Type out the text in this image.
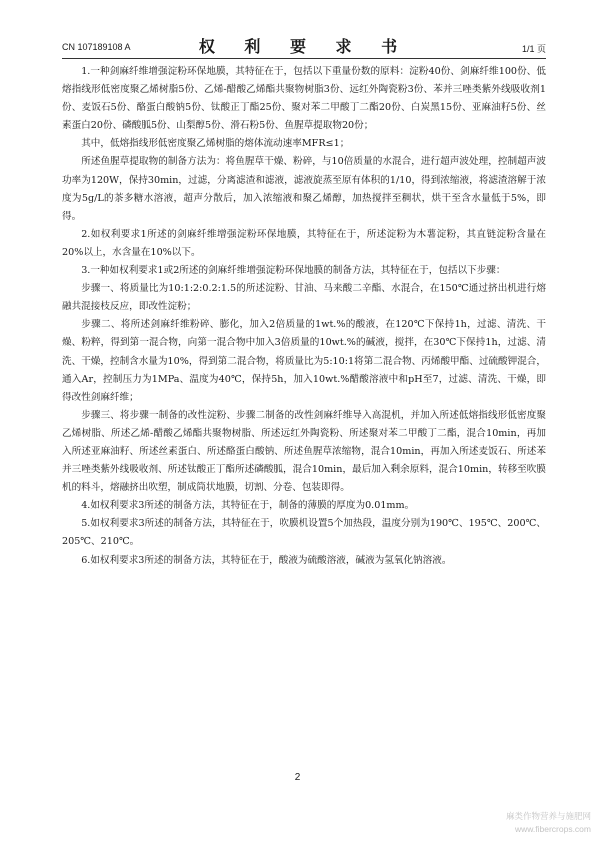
权 利 要 求 书
CN 107189108 A	1/1 页

1.一种剑麻纤维增强淀粉环保地膜，其特征在于，包括以下重量份数的原料：淀粉40份、剑麻纤维100份、低熔指线形低密度聚乙烯树脂5份、乙烯-醋酸乙烯酯共聚物树脂3份、远红外陶瓷粉3份、苯并三唑类紫外线吸收剂1份、麦饭石5份、酪蛋白酸钠5份、钛酸正丁酯25份、聚对苯二甲酸丁二酯20份、白炭黑15份、亚麻油籽5份、丝素蛋白20份、磷酸胍5份、山梨醇5份、滑石粉5份、鱼腥草提取物20份；

其中，低熔指线形低密度聚乙烯树脂的熔体流动速率MFR≤1；

所述鱼腥草提取物的制备方法为：将鱼腥草干燥、粉碎，与10倍质量的水混合，进行超声波处理，控制超声波功率为120W，保持30min，过滤，分离滤渣和滤液，滤液旋蒸至原有体积的1/10，得到浓缩液，将滤渣溶解于浓度为5g/L的茶多糖水溶液，超声分散后，加入浓缩液和聚乙烯醇，加热搅拌至稠状，烘干至含水量低于5%，即得。

2.如权利要求1所述的剑麻纤维增强淀粉环保地膜，其特征在于，所述淀粉为木薯淀粉，其直链淀粉含量在20%以上，水含量在10%以下。

3.一种如权利要求1或2所述的剑麻纤维增强淀粉环保地膜的制备方法，其特征在于，包括以下步骤：

步骤一、将质量比为10:1:2:0.2:1.5的所述淀粉、甘油、马来酸二辛酯、水混合，在150℃通过挤出机进行熔融共混接枝反应，即改性淀粉；

步骤二、将所述剑麻纤维粉碎、膨化，加入2倍质量的1wt.%的酸液，在120℃下保持1h，过滤、清洗、干燥、粉粹，得到第一混合物，向第一混合物中加入3倍质量的10wt.%的碱液，搅拌，在30℃下保持1h，过滤、清洗、干燥，控制含水量为10%，得到第二混合物，将质量比为5:10:1将第二混合物、丙烯酸甲酯、过硫酸钾混合，通入Ar，控制压力为1MPa、温度为40℃，保持5h，加入10wt.%醋酸溶液中和pH至7，过滤、清洗、干燥，即得改性剑麻纤维；

步骤三、将步骤一制备的改性淀粉、步骤二制备的改性剑麻纤维导入高混机，并加入所述低熔指线形低密度聚乙烯树脂、所述乙烯-醋酸乙烯酯共聚物树脂、所述远红外陶瓷粉、所述聚对苯二甲酸丁二酯，混合10min，再加入所述亚麻油籽、所述丝素蛋白、所述酪蛋白酸钠、所述鱼腥草浓缩物，混合10min，再加入所述麦饭石、所述苯并三唑类紫外线吸收剂、所述钛酸正丁酯所述磷酸胍，混合10min，最后加入剩余原料，混合10min，转移至吹膜机的料斗，熔融挤出吹塑，制成筒状地膜，切割、分卷、包装即得。

4.如权利要求3所述的制备方法，其特征在于，制备的薄膜的厚度为0.01mm。

5.如权利要求3所述的制备方法，其特征在于，吹膜机设置5个加热段，温度分别为190℃、195℃、200℃、205℃、210℃。

6.如权利要求3所述的制备方法，其特征在于，酸液为硫酸溶液，碱液为氢氧化钠溶液。

2
麻类作物营养与施肥网
www.fibercrops.com
